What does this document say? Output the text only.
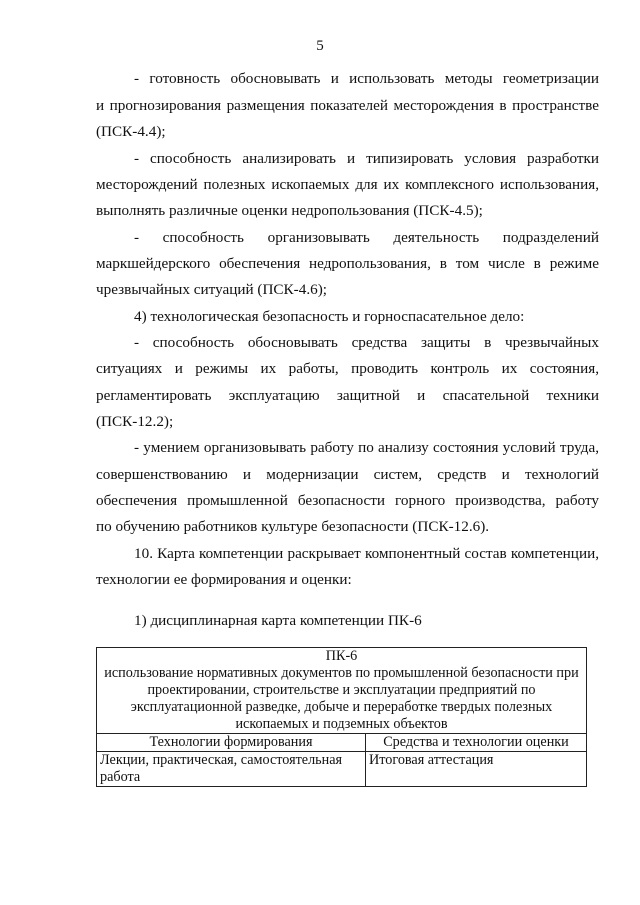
5
- готовность обосновывать и использовать методы геометризации
и прогнозирования размещения показателей месторождения в пространстве
(ПСК-4.4);
- способность анализировать и типизировать условия разработки
месторождений полезных ископаемых для их комплексного использования,
выполнять различные оценки недропользования (ПСК-4.5);
- способность организовывать деятельность подразделений
маркшейдерского обеспечения недропользования, в том числе в режиме
чрезвычайных ситуаций (ПСК-4.6);
4) технологическая безопасность и горноспасательное дело:
- способность обосновывать средства защиты в чрезвычайных
ситуациях и режимы их работы, проводить контроль их состояния,
регламентировать эксплуатацию защитной и спасательной техники
(ПСК-12.2);
- умением организовывать работу по анализу состояния условий труда,
совершенствованию и модернизации систем, средств и технологий
обеспечения промышленной безопасности горного производства, работу
по обучению работников культуре безопасности (ПСК-12.6).
10. Карта компетенции раскрывает компонентный состав компетенции,
технологии ее формирования и оценки:
1) дисциплинарная карта компетенции ПК-6
ПК-6
использование нормативных документов по промышленной безопасности при проектировании, строительстве и эксплуатации предприятий по эксплуатационной разведке, добыче и переработке твердых полезных ископаемых и подземных объектов	

Технологии формирования	Средства и технологии оценки
Лекции, практическая, самостоятельная работа	Итоговая аттестация
